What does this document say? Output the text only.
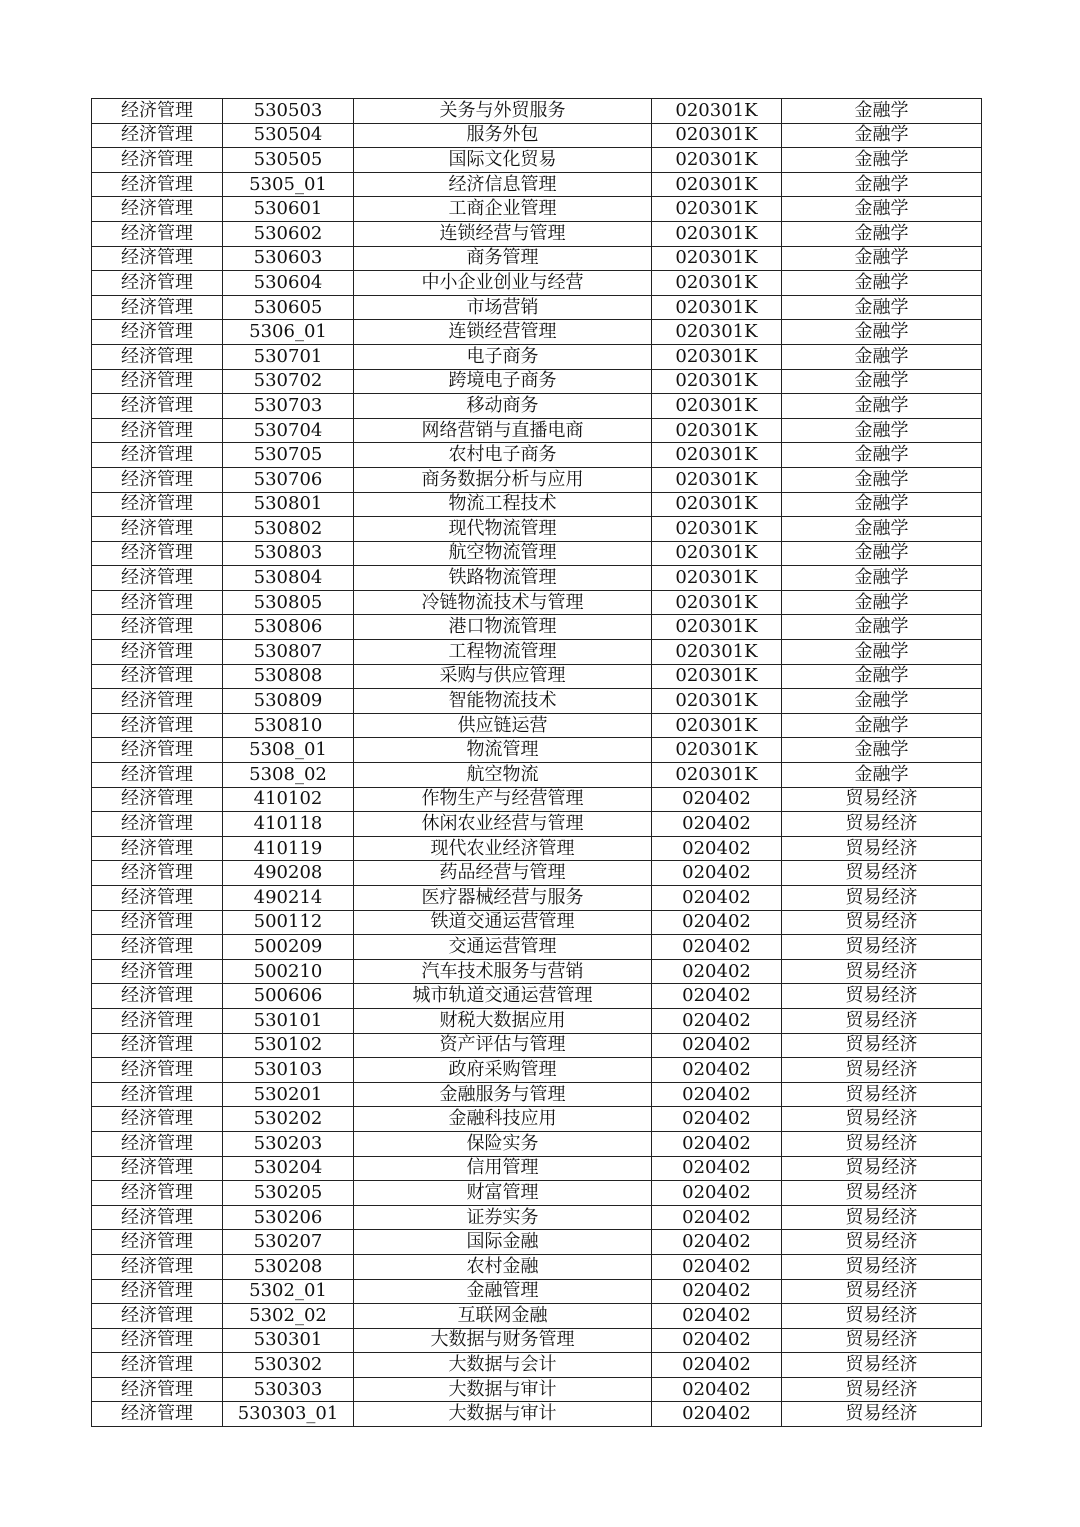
经济管理	530503	关务与外贸服务	020301K	金融学
经济管理	530504	服务外包	020301K	金融学
经济管理	530505	国际文化贸易	020301K	金融学
经济管理	5305_01	经济信息管理	020301K	金融学
经济管理	530601	工商企业管理	020301K	金融学
经济管理	530602	连锁经营与管理	020301K	金融学
经济管理	530603	商务管理	020301K	金融学
经济管理	530604	中小企业创业与经营	020301K	金融学
经济管理	530605	市场营销	020301K	金融学
经济管理	5306_01	连锁经营管理	020301K	金融学
经济管理	530701	电子商务	020301K	金融学
经济管理	530702	跨境电子商务	020301K	金融学
经济管理	530703	移动商务	020301K	金融学
经济管理	530704	网络营销与直播电商	020301K	金融学
经济管理	530705	农村电子商务	020301K	金融学
经济管理	530706	商务数据分析与应用	020301K	金融学
经济管理	530801	物流工程技术	020301K	金融学
经济管理	530802	现代物流管理	020301K	金融学
经济管理	530803	航空物流管理	020301K	金融学
经济管理	530804	铁路物流管理	020301K	金融学
经济管理	530805	冷链物流技术与管理	020301K	金融学
经济管理	530806	港口物流管理	020301K	金融学
经济管理	530807	工程物流管理	020301K	金融学
经济管理	530808	采购与供应管理	020301K	金融学
经济管理	530809	智能物流技术	020301K	金融学
经济管理	530810	供应链运营	020301K	金融学
经济管理	5308_01	物流管理	020301K	金融学
经济管理	5308_02	航空物流	020301K	金融学
经济管理	410102	作物生产与经营管理	020402	贸易经济
经济管理	410118	休闲农业经营与管理	020402	贸易经济
经济管理	410119	现代农业经济管理	020402	贸易经济
经济管理	490208	药品经营与管理	020402	贸易经济
经济管理	490214	医疗器械经营与服务	020402	贸易经济
经济管理	500112	铁道交通运营管理	020402	贸易经济
经济管理	500209	交通运营管理	020402	贸易经济
经济管理	500210	汽车技术服务与营销	020402	贸易经济
经济管理	500606	城市轨道交通运营管理	020402	贸易经济
经济管理	530101	财税大数据应用	020402	贸易经济
经济管理	530102	资产评估与管理	020402	贸易经济
经济管理	530103	政府采购管理	020402	贸易经济
经济管理	530201	金融服务与管理	020402	贸易经济
经济管理	530202	金融科技应用	020402	贸易经济
经济管理	530203	保险实务	020402	贸易经济
经济管理	530204	信用管理	020402	贸易经济
经济管理	530205	财富管理	020402	贸易经济
经济管理	530206	证券实务	020402	贸易经济
经济管理	530207	国际金融	020402	贸易经济
经济管理	530208	农村金融	020402	贸易经济
经济管理	5302_01	金融管理	020402	贸易经济
经济管理	5302_02	互联网金融	020402	贸易经济
经济管理	530301	大数据与财务管理	020402	贸易经济
经济管理	530302	大数据与会计	020402	贸易经济
经济管理	530303	大数据与审计	020402	贸易经济
经济管理	530303_01	大数据与审计	020402	贸易经济
